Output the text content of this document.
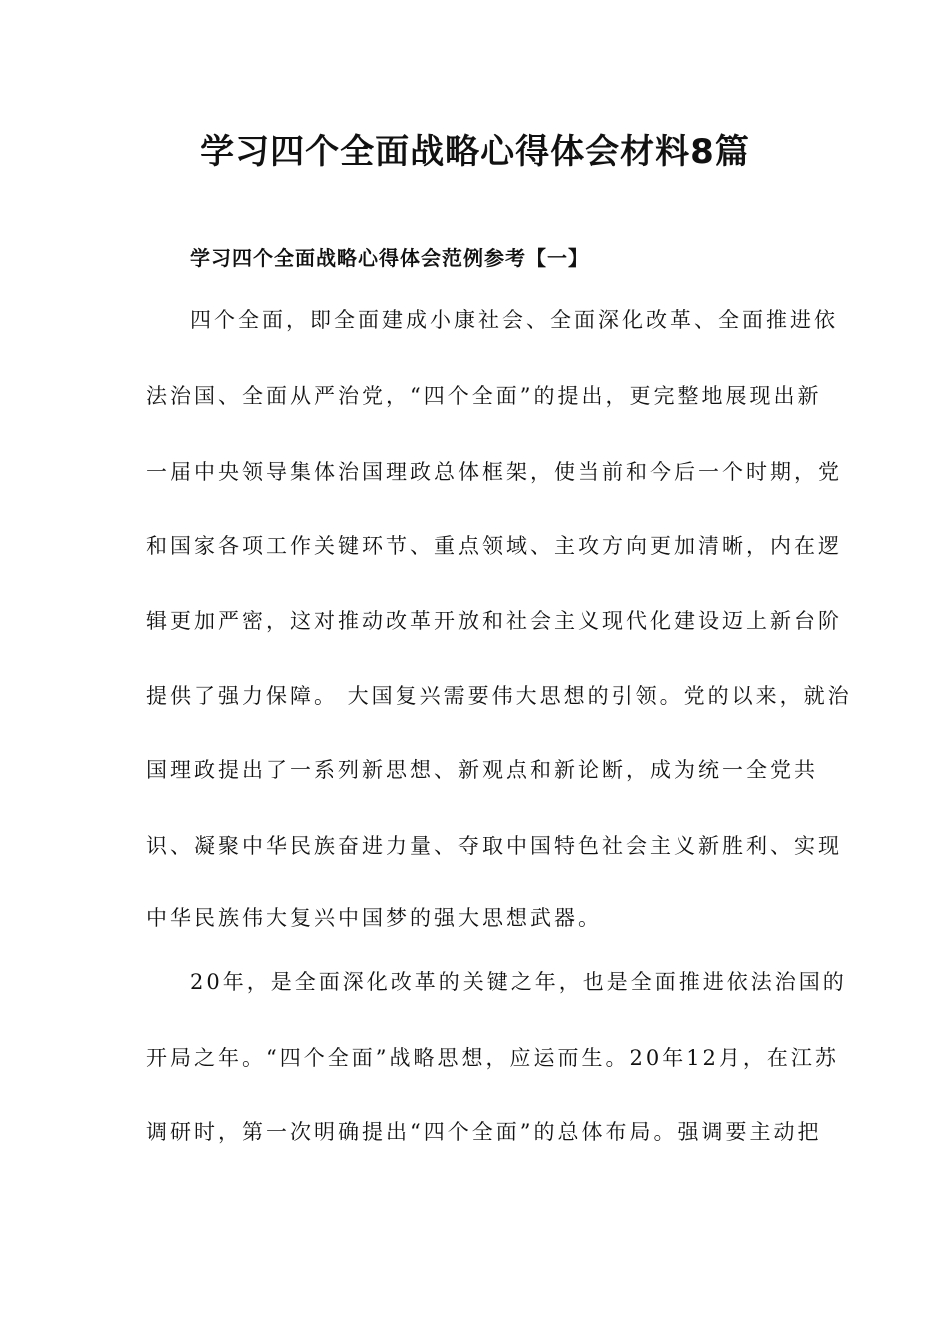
学习四个全面战略心得体会材料8篇
学习四个全面战略心得体会范例参考【一】
四个全面，即全面建成小康社会、全面深化改革、全面推进依
法治国、全面从严治党，“四个全面”的提出，更完整地展现出新
一届中央领导集体治国理政总体框架，使当前和今后一个时期，党
和国家各项工作关键环节、重点领域、主攻方向更加清晰，内在逻
辑更加严密，这对推动改革开放和社会主义现代化建设迈上新台阶
提供了强力保障。 大国复兴需要伟大思想的引领。党的以来，就治
国理政提出了一系列新思想、新观点和新论断，成为统一全党共
识、凝聚中华民族奋进力量、夺取中国特色社会主义新胜利、实现
中华民族伟大复兴中国梦的强大思想武器。
20年，是全面深化改革的关键之年，也是全面推进依法治国的
开局之年。“四个全面”战略思想，应运而生。20年12月，在江苏
调研时，第一次明确提出“四个全面”的总体布局。强调要主动把
